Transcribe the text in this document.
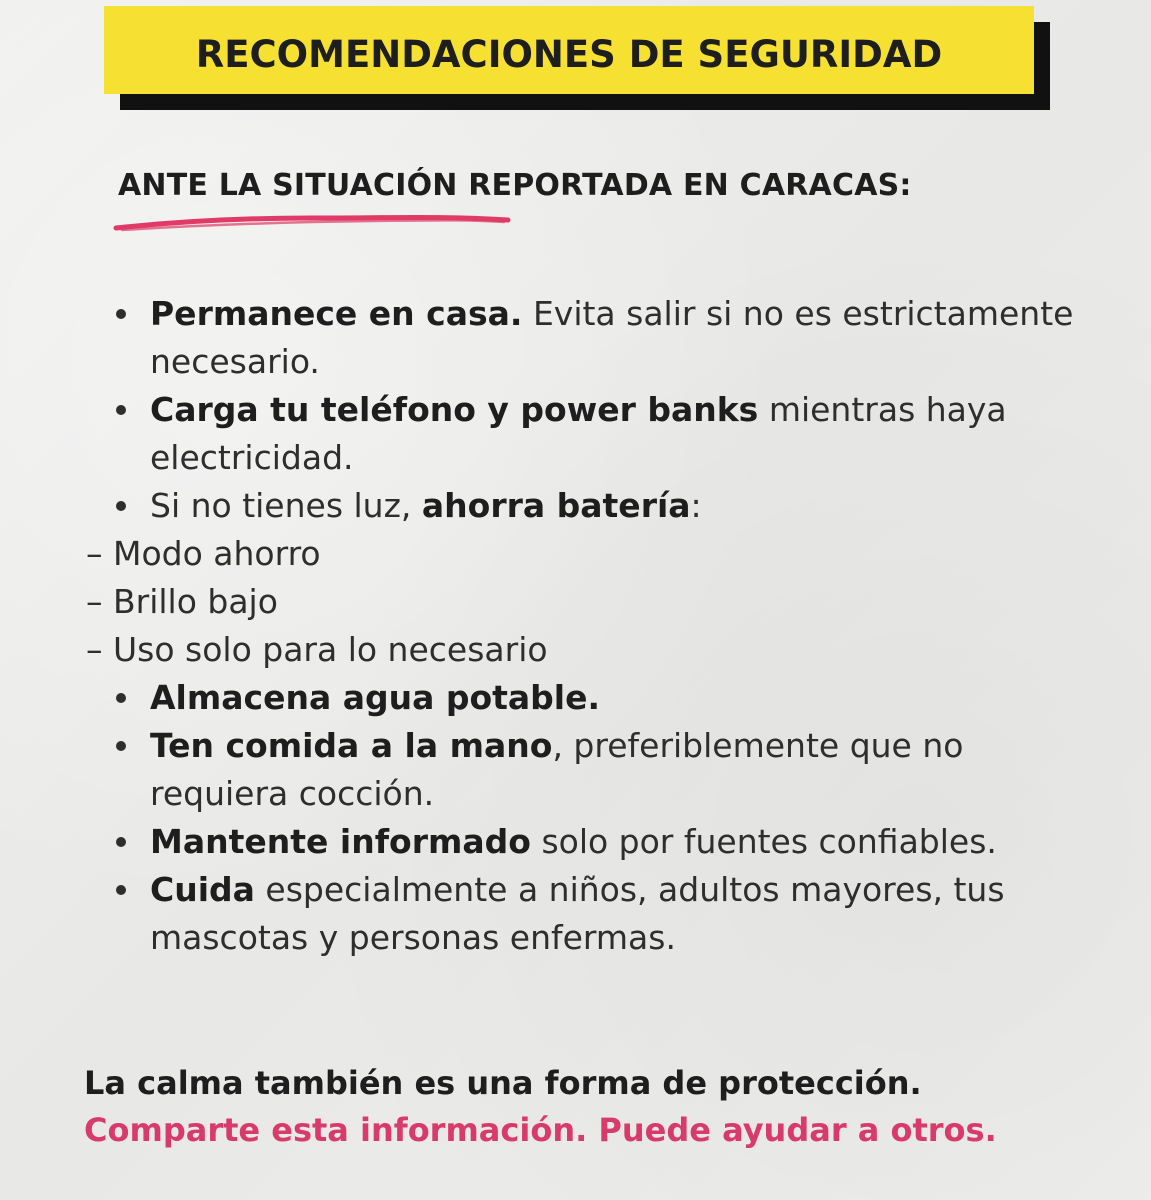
RECOMENDACIONES DE SEGURIDAD
ANTE LA SITUACIÓN REPORTADA EN CARACAS:
Permanece en casa. Evita salir si no es estrictamente necesario.
Carga tu teléfono y power banks mientras haya electricidad.
Si no tienes luz, ahorra batería:
– Modo ahorro
– Brillo bajo
– Uso solo para lo necesario
Almacena agua potable.
Ten comida a la mano, preferiblemente que no requiera cocción.
Mantente informado solo por fuentes confiables.
Cuida especialmente a niños, adultos mayores, tus mascotas y personas enfermas.
La calma también es una forma de protección.
Comparte esta información. Puede ayudar a otros.
